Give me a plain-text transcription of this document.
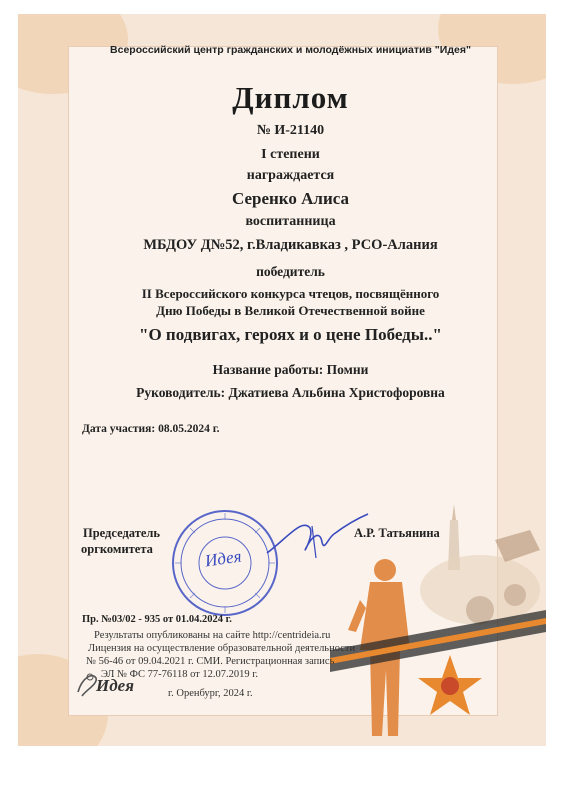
Всероссийский центр гражданских и молодёжных инициатив "Идея"
Диплом
№ И-21140
I степени
награждается
Серенко Алиса
воспитанница
МБДОУ Д№52, г.Владикавказ , РСО-Алания
победитель
II Всероссийского конкурса чтецов, посвящённого
Дню Победы в Великой Отечественной войне
"О подвигах, героях и о цене Победы.."
Название работы: Помни
Руководитель: Джатиева Альбина Христофоровна
Дата участия: 08.05.2024 г.
Председатель
оргкомитета
А.Р. Татьянина
Идея
Пр. №03/02 - 935 от 01.04.2024 г.
Результаты опубликованы на сайте http://centrideia.ru
Лицензия на осуществление образовательной деятельности
№ 56-46 от 09.04.2021 г. СМИ. Регистрационная запись
ЭЛ № ФС 77-76118 от 12.07.2019 г.
Идея	г. Оренбург, 2024 г.
